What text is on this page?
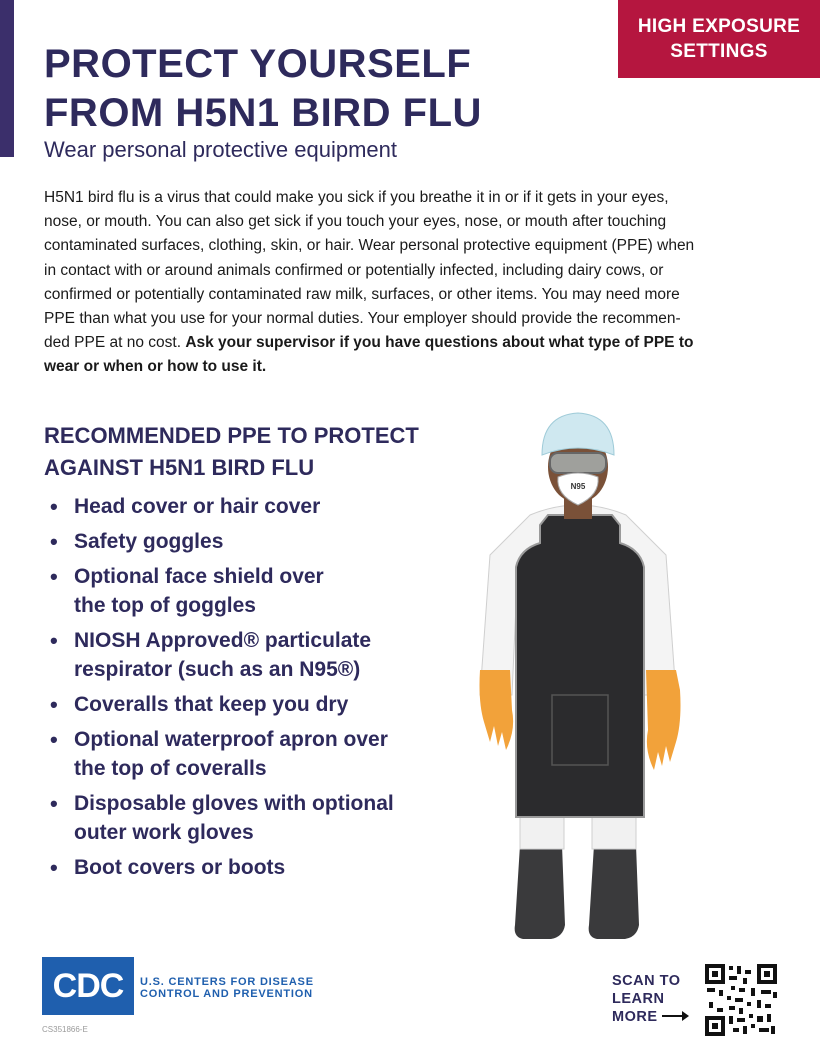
HIGH EXPOSURE
SETTINGS
PROTECT YOURSELF
FROM H5N1 BIRD FLU
Wear personal protective equipment
H5N1 bird flu is a virus that could make you sick if you breathe it in or if it gets in your eyes,
nose, or mouth. You can also get sick if you touch your eyes, nose, or mouth after touching
contaminated surfaces, clothing, skin, or hair. Wear personal protective equipment (PPE) when
in contact with or around animals confirmed or potentially infected, including dairy cows, or
confirmed or potentially contaminated raw milk, surfaces, or other items. You may need more
PPE than what you use for your normal duties. Your employer should provide the recommen-
ded PPE at no cost. Ask your supervisor if you have questions about what type of PPE to
wear or when or how to use it.
RECOMMENDED PPE TO PROTECT
AGAINST H5N1 BIRD FLU
• Head cover or hair cover
• Safety goggles
• Optional face shield over
the top of goggles
• NIOSH Approved® particulate
respirator (such as an N95®)
• Coveralls that keep you dry
• Optional waterproof apron over
the top of coveralls
• Disposable gloves with optional
outer work gloves
• Boot covers or boots
N95
CDC	U.S. CENTERS FOR DISEASE
CONTROL AND PREVENTION
CS351866-E
SCAN TO
LEARN
MORE
